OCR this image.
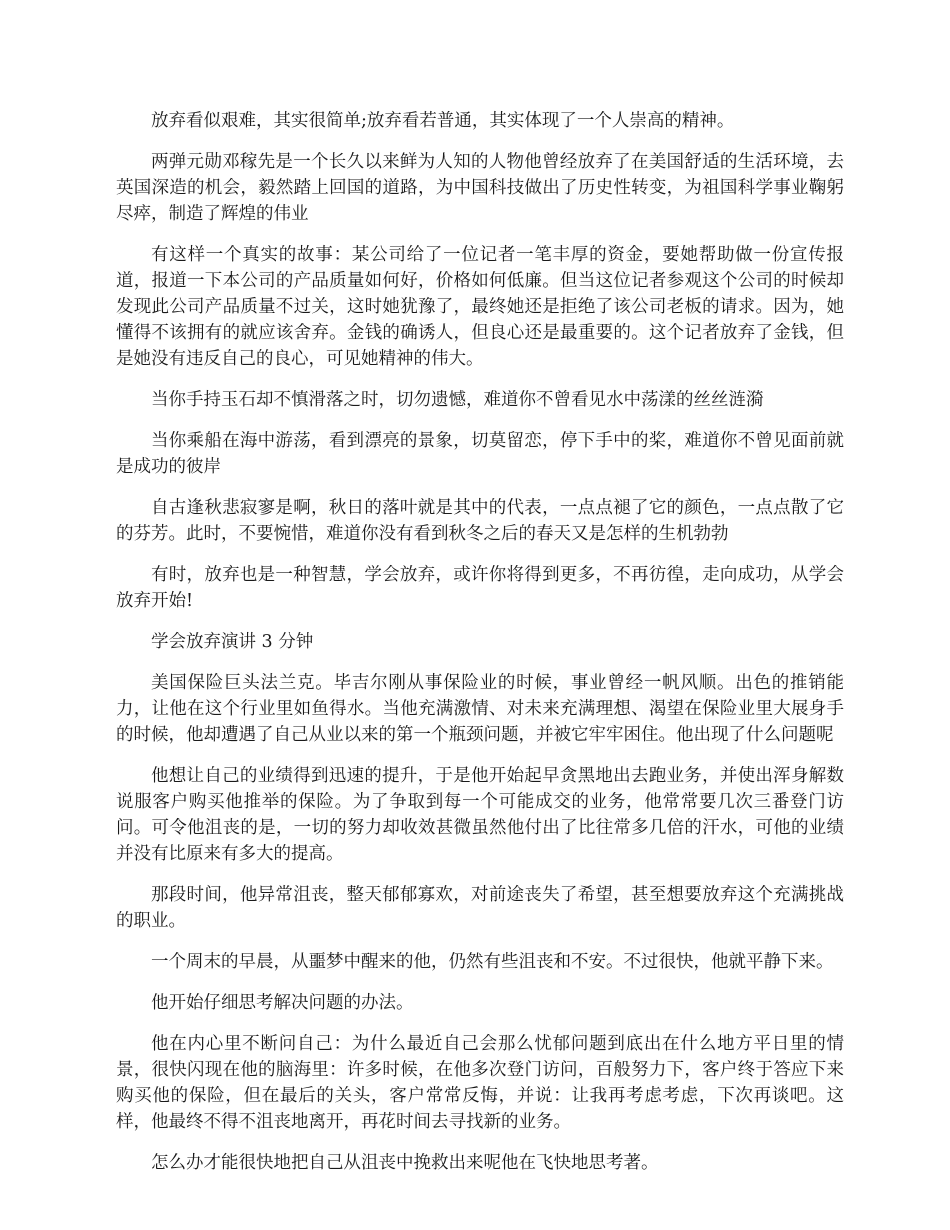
放弃看似艰难，其实很简单;放弃看若普通，其实体现了一个人崇高的精神。

两弹元勋邓稼先是一个长久以来鲜为人知的人物他曾经放弃了在美国舒适的生活环境，去英国深造的机会，毅然踏上回国的道路，为中国科技做出了历史性转变，为祖国科学事业鞠躬尽瘁，制造了辉煌的伟业

有这样一个真实的故事：某公司给了一位记者一笔丰厚的资金，要她帮助做一份宣传报道，报道一下本公司的产品质量如何好，价格如何低廉。但当这位记者参观这个公司的时候却发现此公司产品质量不过关，这时她犹豫了，最终她还是拒绝了该公司老板的请求。因为，她懂得不该拥有的就应该舍弃。金钱的确诱人，但良心还是最重要的。这个记者放弃了金钱，但是她没有违反自己的良心，可见她精神的伟大。

当你手持玉石却不慎滑落之时，切勿遗憾，难道你不曾看见水中荡漾的丝丝涟漪

当你乘船在海中游荡，看到漂亮的景象，切莫留恋，停下手中的桨，难道你不曾见面前就是成功的彼岸

自古逢秋悲寂寥是啊，秋日的落叶就是其中的代表，一点点褪了它的颜色，一点点散了它的芬芳。此时，不要惋惜，难道你没有看到秋冬之后的春天又是怎样的生机勃勃

有时，放弃也是一种智慧，学会放弃，或许你将得到更多，不再彷徨，走向成功，从学会放弃开始!

学会放弃演讲 3 分钟

美国保险巨头法兰克。毕吉尔刚从事保险业的时候，事业曾经一帆风顺。出色的推销能力，让他在这个行业里如鱼得水。当他充满激情、对未来充满理想、渴望在保险业里大展身手的时候，他却遭遇了自己从业以来的第一个瓶颈问题，并被它牢牢困住。他出现了什么问题呢

他想让自己的业绩得到迅速的提升，于是他开始起早贪黑地出去跑业务，并使出浑身解数说服客户购买他推举的保险。为了争取到每一个可能成交的业务，他常常要几次三番登门访问。可令他沮丧的是，一切的努力却收效甚微虽然他付出了比往常多几倍的汗水，可他的业绩并没有比原来有多大的提高。

那段时间，他异常沮丧，整天郁郁寡欢，对前途丧失了希望，甚至想要放弃这个充满挑战的职业。

一个周末的早晨，从噩梦中醒来的他，仍然有些沮丧和不安。不过很快，他就平静下来。

他开始仔细思考解决问题的办法。

他在内心里不断问自己：为什么最近自己会那么忧郁问题到底出在什么地方平日里的情景，很快闪现在他的脑海里：许多时候，在他多次登门访问，百般努力下，客户终于答应下来购买他的保险，但在最后的关头，客户常常反悔，并说：让我再考虑考虑，下次再谈吧。这样，他最终不得不沮丧地离开，再花时间去寻找新的业务。

怎么办才能很快地把自己从沮丧中挽救出来呢他在飞快地思考著。
